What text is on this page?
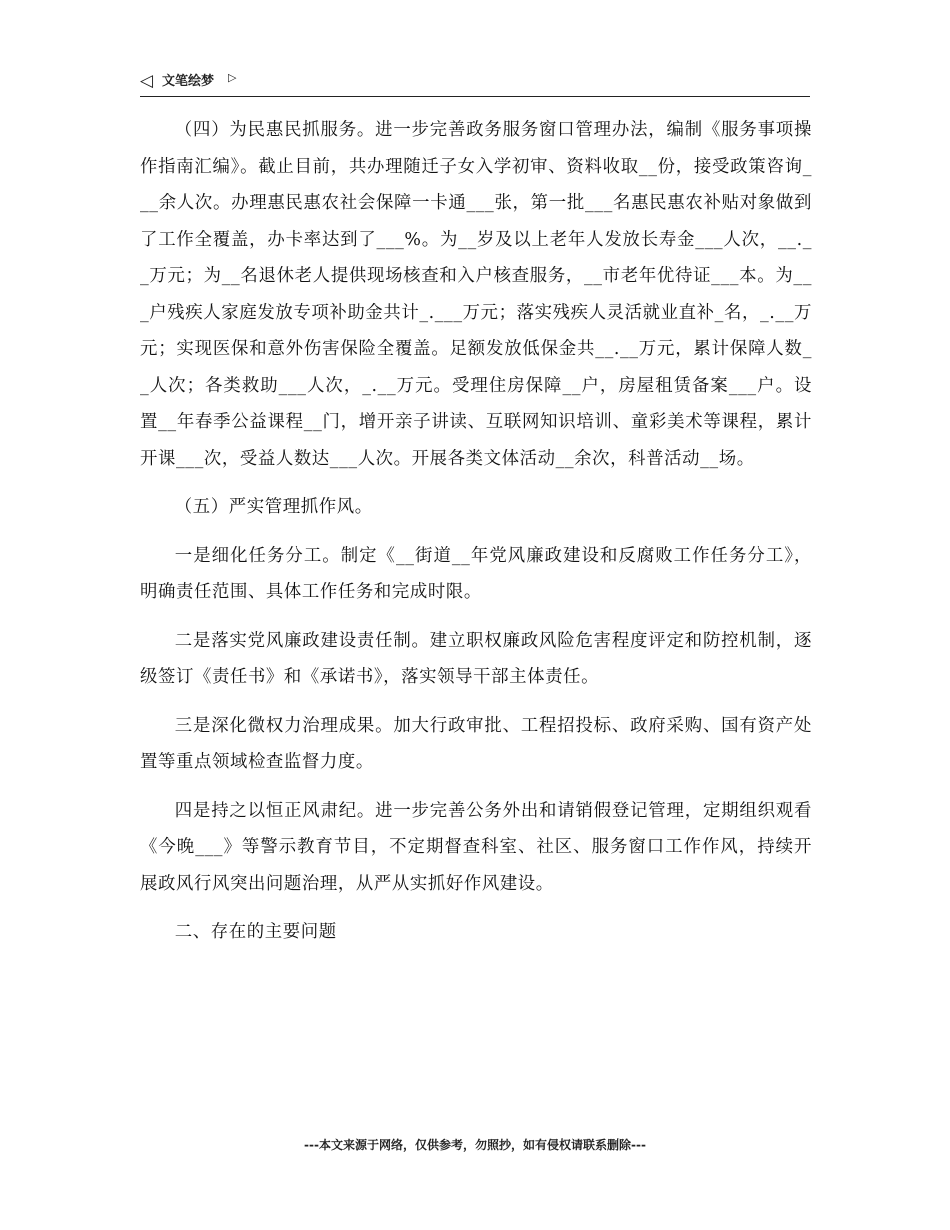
◁ 文笔绘梦 ▷

（四）为民惠民抓服务。进一步完善政务服务窗口管理办法，编制《服务事项操作指南汇编》。截止目前，共办理随迁子女入学初审、资料收取__份，接受政策咨询___余人次。办理惠民惠农社会保障一卡通___张，第一批___名惠民惠农补贴对象做到了工作全覆盖，办卡率达到了___%。为__岁及以上老年人发放长寿金___人次，__.__万元；为__名退休老人提供现场核查和入户核查服务，__市老年优待证___本。为___户残疾人家庭发放专项补助金共计_.___万元；落实残疾人灵活就业直补_名，_.__万元；实现医保和意外伤害保险全覆盖。足额发放低保金共__.__万元，累计保障人数__人次；各类救助___人次，_.__万元。受理住房保障__户，房屋租赁备案___户。设置__年春季公益课程__门，增开亲子讲读、互联网知识培训、童彩美术等课程，累计开课___次，受益人数达___人次。开展各类文体活动__余次，科普活动__场。

（五）严实管理抓作风。

一是细化任务分工。制定《__街道__年党风廉政建设和反腐败工作任务分工》，明确责任范围、具体工作任务和完成时限。

二是落实党风廉政建设责任制。建立职权廉政风险危害程度评定和防控机制，逐级签订《责任书》和《承诺书》，落实领导干部主体责任。

三是深化微权力治理成果。加大行政审批、工程招投标、政府采购、国有资产处置等重点领域检查监督力度。

四是持之以恒正风肃纪。进一步完善公务外出和请销假登记管理，定期组织观看《今晚___》等警示教育节目，不定期督查科室、社区、服务窗口工作作风，持续开展政风行风突出问题治理，从严从实抓好作风建设。

二、存在的主要问题

---本文来源于网络，仅供参考，勿照抄，如有侵权请联系删除---
